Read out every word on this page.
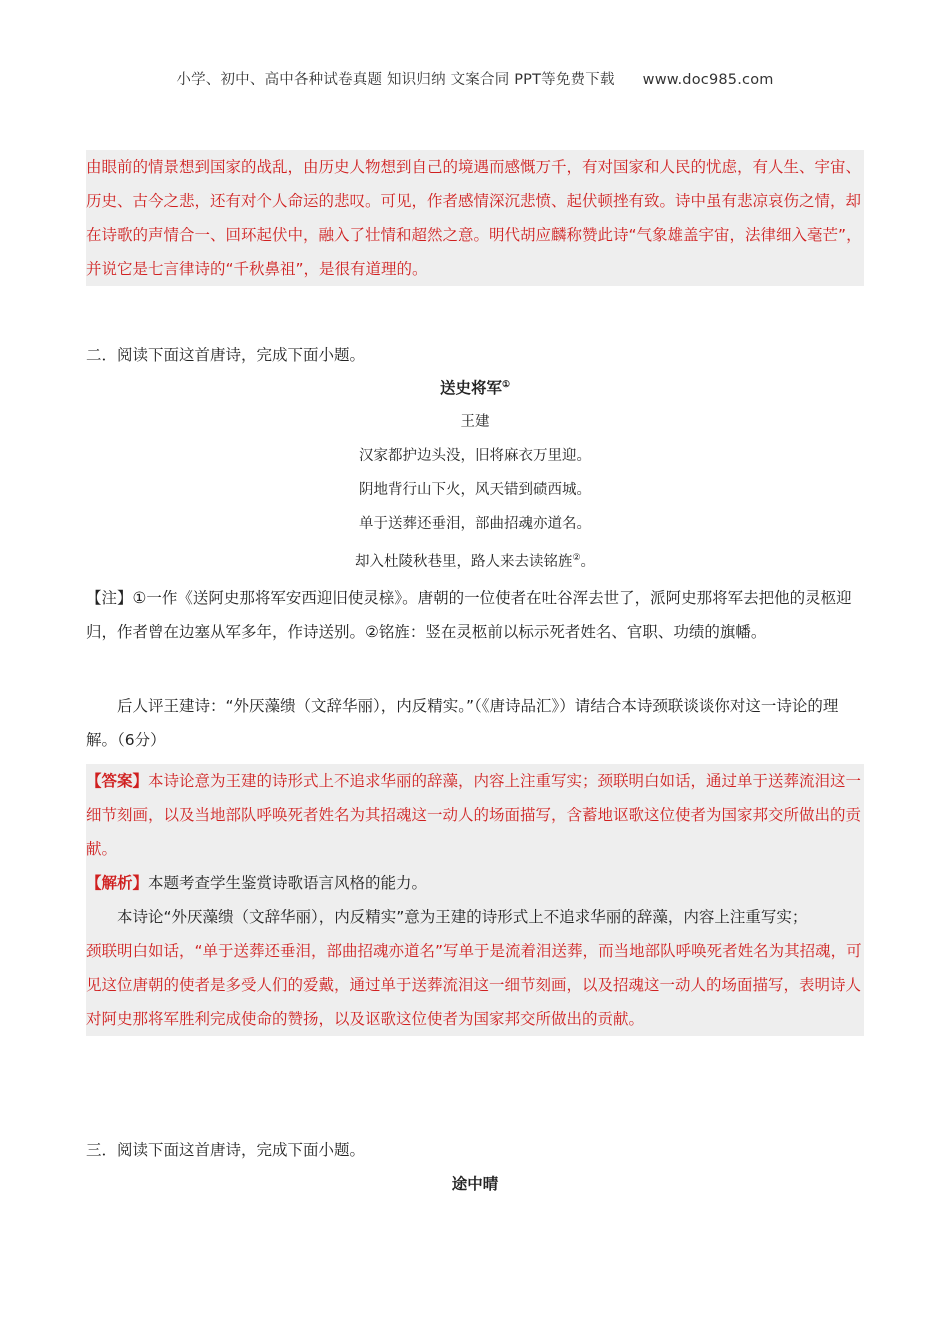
小学、初中、高中各种试卷真题 知识归纳 文案合同 PPT等免费下载 www.doc985.com

由眼前的情景想到国家的战乱，由历史人物想到自己的境遇而感慨万千，有对国家和人民的忧虑，有人生、宇宙、历史、古今之悲，还有对个人命运的悲叹。可见，作者感情深沉悲愤、起伏顿挫有致。诗中虽有悲凉哀伤之情，却在诗歌的声情合一、回环起伏中，融入了壮情和超然之意。明代胡应麟称赞此诗“气象雄盖宇宙，法律细入毫芒”，并说它是七言律诗的“千秋鼻祖”，是很有道理的。

二．阅读下面这首唐诗，完成下面小题。

送史将军①
王建
汉家都护边头没，旧将麻衣万里迎。
阴地背行山下火，风天错到碛西城。
单于送葬还垂泪，部曲招魂亦道名。
却入杜陵秋巷里，路人来去读铭旌②。

【注】①一作《送阿史那将军安西迎旧使灵榇》。唐朝的一位使者在吐谷浑去世了，派阿史那将军去把他的灵柩迎归，作者曾在边塞从军多年，作诗送别。②铭旌：竖在灵柩前以标示死者姓名、官职、功绩的旗幡。

后人评王建诗：“外厌藻缋（文辞华丽），内反精实。”（《唐诗品汇》）请结合本诗颈联谈谈你对这一诗论的理解。（6分）

【答案】本诗论意为王建的诗形式上不追求华丽的辞藻，内容上注重写实；颈联明白如话，通过单于送葬流泪这一细节刻画，以及当地部队呼唤死者姓名为其招魂这一动人的场面描写，含蓄地讴歌这位使者为国家邦交所做出的贡献。

【解析】本题考查学生鉴赏诗歌语言风格的能力。

本诗论“外厌藻缋（文辞华丽），内反精实”意为王建的诗形式上不追求华丽的辞藻，内容上注重写实；

颈联明白如话，“单于送葬还垂泪，部曲招魂亦道名”写单于是流着泪送葬，而当地部队呼唤死者姓名为其招魂，可见这位唐朝的使者是多受人们的爱戴，通过单于送葬流泪这一细节刻画，以及招魂这一动人的场面描写，表明诗人对阿史那将军胜利完成使命的赞扬，以及讴歌这位使者为国家邦交所做出的贡献。

三．阅读下面这首唐诗，完成下面小题。

途中晴
